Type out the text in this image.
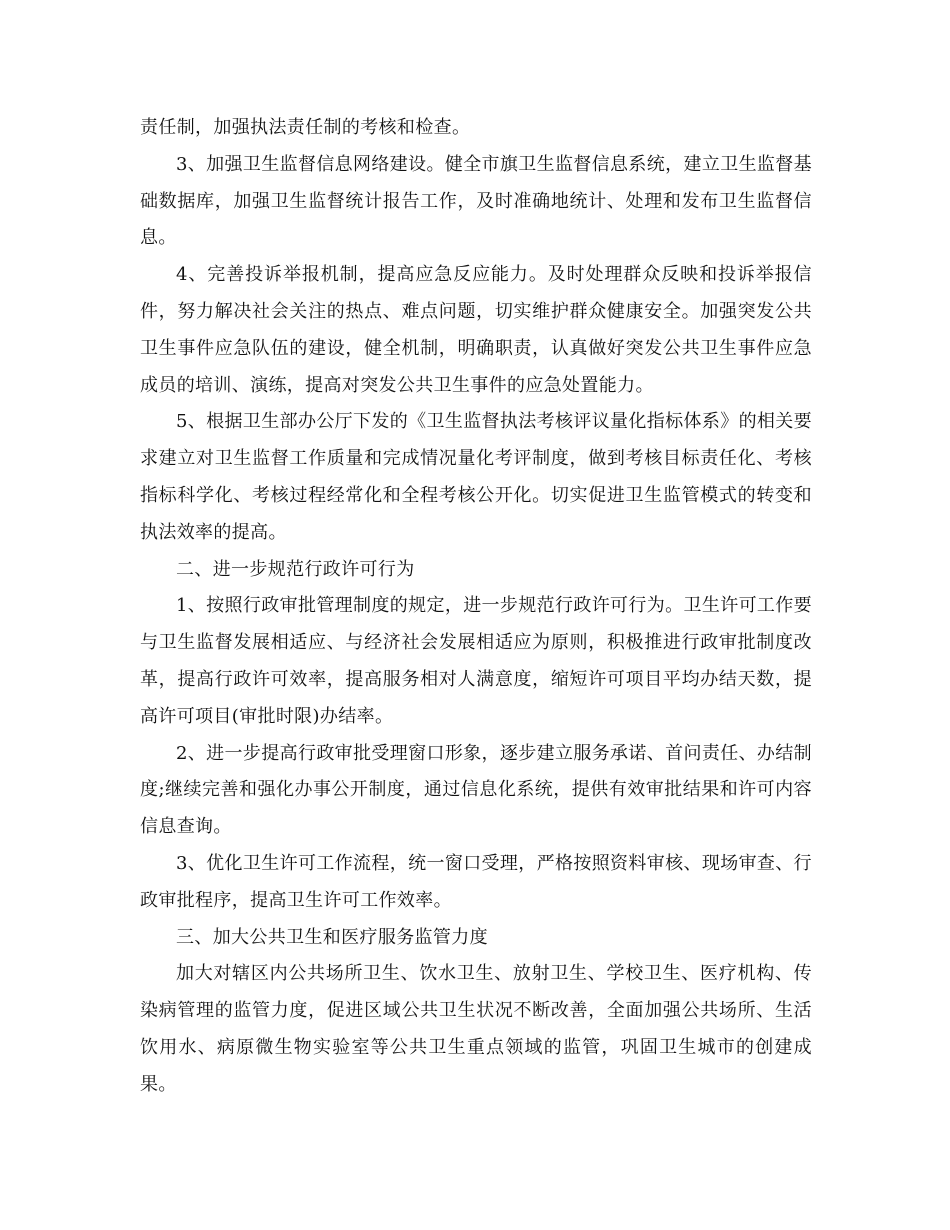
责任制，加强执法责任制的考核和检查。

3、加强卫生监督信息网络建设。健全市旗卫生监督信息系统，建立卫生监督基础数据库，加强卫生监督统计报告工作，及时准确地统计、处理和发布卫生监督信息。

4、完善投诉举报机制，提高应急反应能力。及时处理群众反映和投诉举报信件，努力解决社会关注的热点、难点问题，切实维护群众健康安全。加强突发公共卫生事件应急队伍的建设，健全机制，明确职责，认真做好突发公共卫生事件应急成员的培训、演练，提高对突发公共卫生事件的应急处置能力。

5、根据卫生部办公厅下发的《卫生监督执法考核评议量化指标体系》的相关要求建立对卫生监督工作质量和完成情况量化考评制度，做到考核目标责任化、考核指标科学化、考核过程经常化和全程考核公开化。切实促进卫生监管模式的转变和执法效率的提高。

二、进一步规范行政许可行为

1、按照行政审批管理制度的规定，进一步规范行政许可行为。卫生许可工作要与卫生监督发展相适应、与经济社会发展相适应为原则，积极推进行政审批制度改革，提高行政许可效率，提高服务相对人满意度，缩短许可项目平均办结天数，提高许可项目(审批时限)办结率。

2、进一步提高行政审批受理窗口形象，逐步建立服务承诺、首问责任、办结制度;继续完善和强化办事公开制度，通过信息化系统，提供有效审批结果和许可内容信息查询。

3、优化卫生许可工作流程，统一窗口受理，严格按照资料审核、现场审查、行政审批程序，提高卫生许可工作效率。

三、加大公共卫生和医疗服务监管力度

加大对辖区内公共场所卫生、饮水卫生、放射卫生、学校卫生、医疗机构、传染病管理的监管力度，促进区域公共卫生状况不断改善，全面加强公共场所、生活饮用水、病原微生物实验室等公共卫生重点领域的监管，巩固卫生城市的创建成果。
